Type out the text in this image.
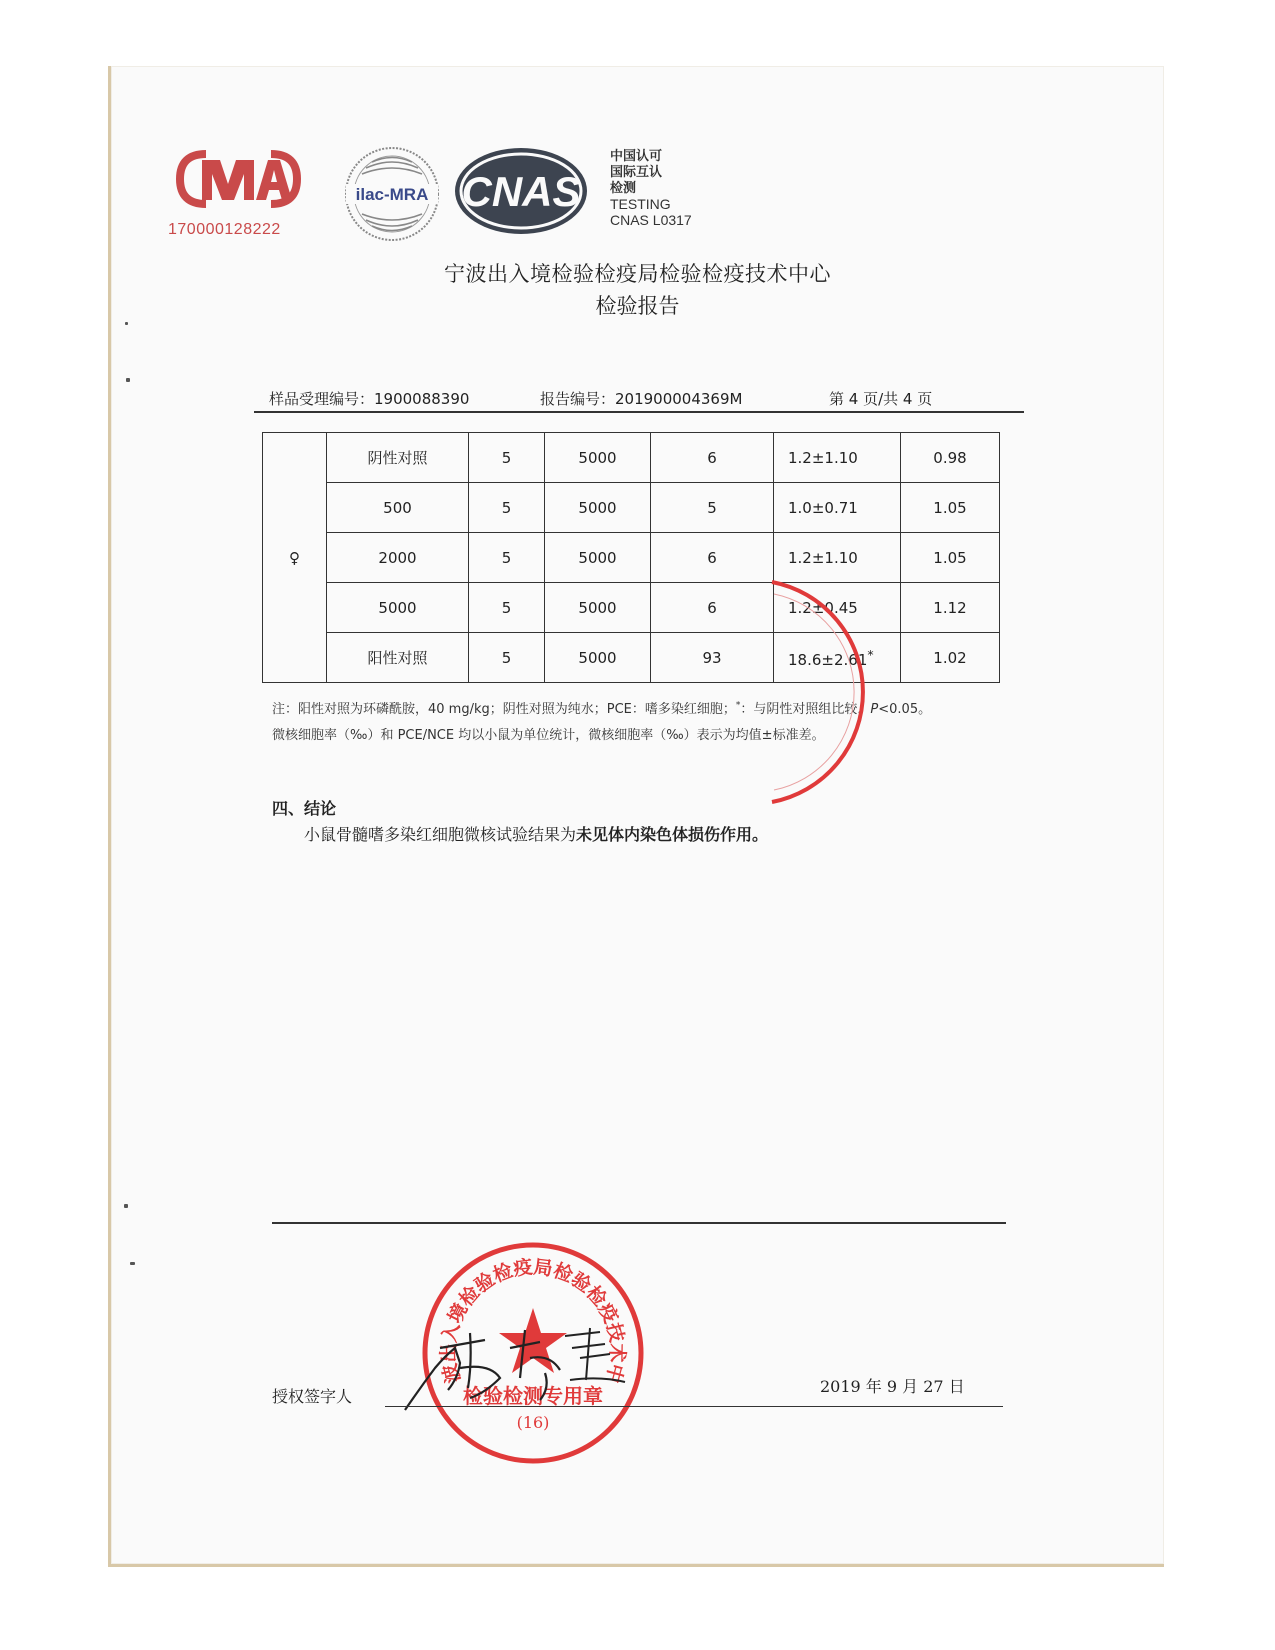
170000128222
ilac-MRA CNAS
中国认可
国际互认
检测
TESTING
CNAS L0317
宁波出入境检验检疫局检验检疫技术中心
检验报告
样品受理编号：1900088390	报告编号：201900004369M	第 4 页/共 4 页
♀	阴性对照	5	5000	6	1.2±1.10	0.98
	500	5	5000	5	1.0±0.71	1.05
	2000	5	5000	6	1.2±1.10	1.05
	5000	5	5000	6	1.2±0.45	1.12
	阳性对照	5	5000	93	18.6±2.61*	1.02
注：阳性对照为环磷酰胺，40 mg/kg；阴性对照为纯水；PCE：嗜多染红细胞；*：与阴性对照组比较，P<0.05。
微核细胞率（‰）和 PCE/NCE 均以小鼠为单位统计，微核细胞率（‰）表示为均值±标准差。
四、结论
小鼠骨髓嗜多染红细胞微核试验结果为未见体内染色体损伤作用。
波出入境检验检疫局检验检疫技术中
检验检测专用章
(16)
授权签字人
2019 年 9 月 27 日
